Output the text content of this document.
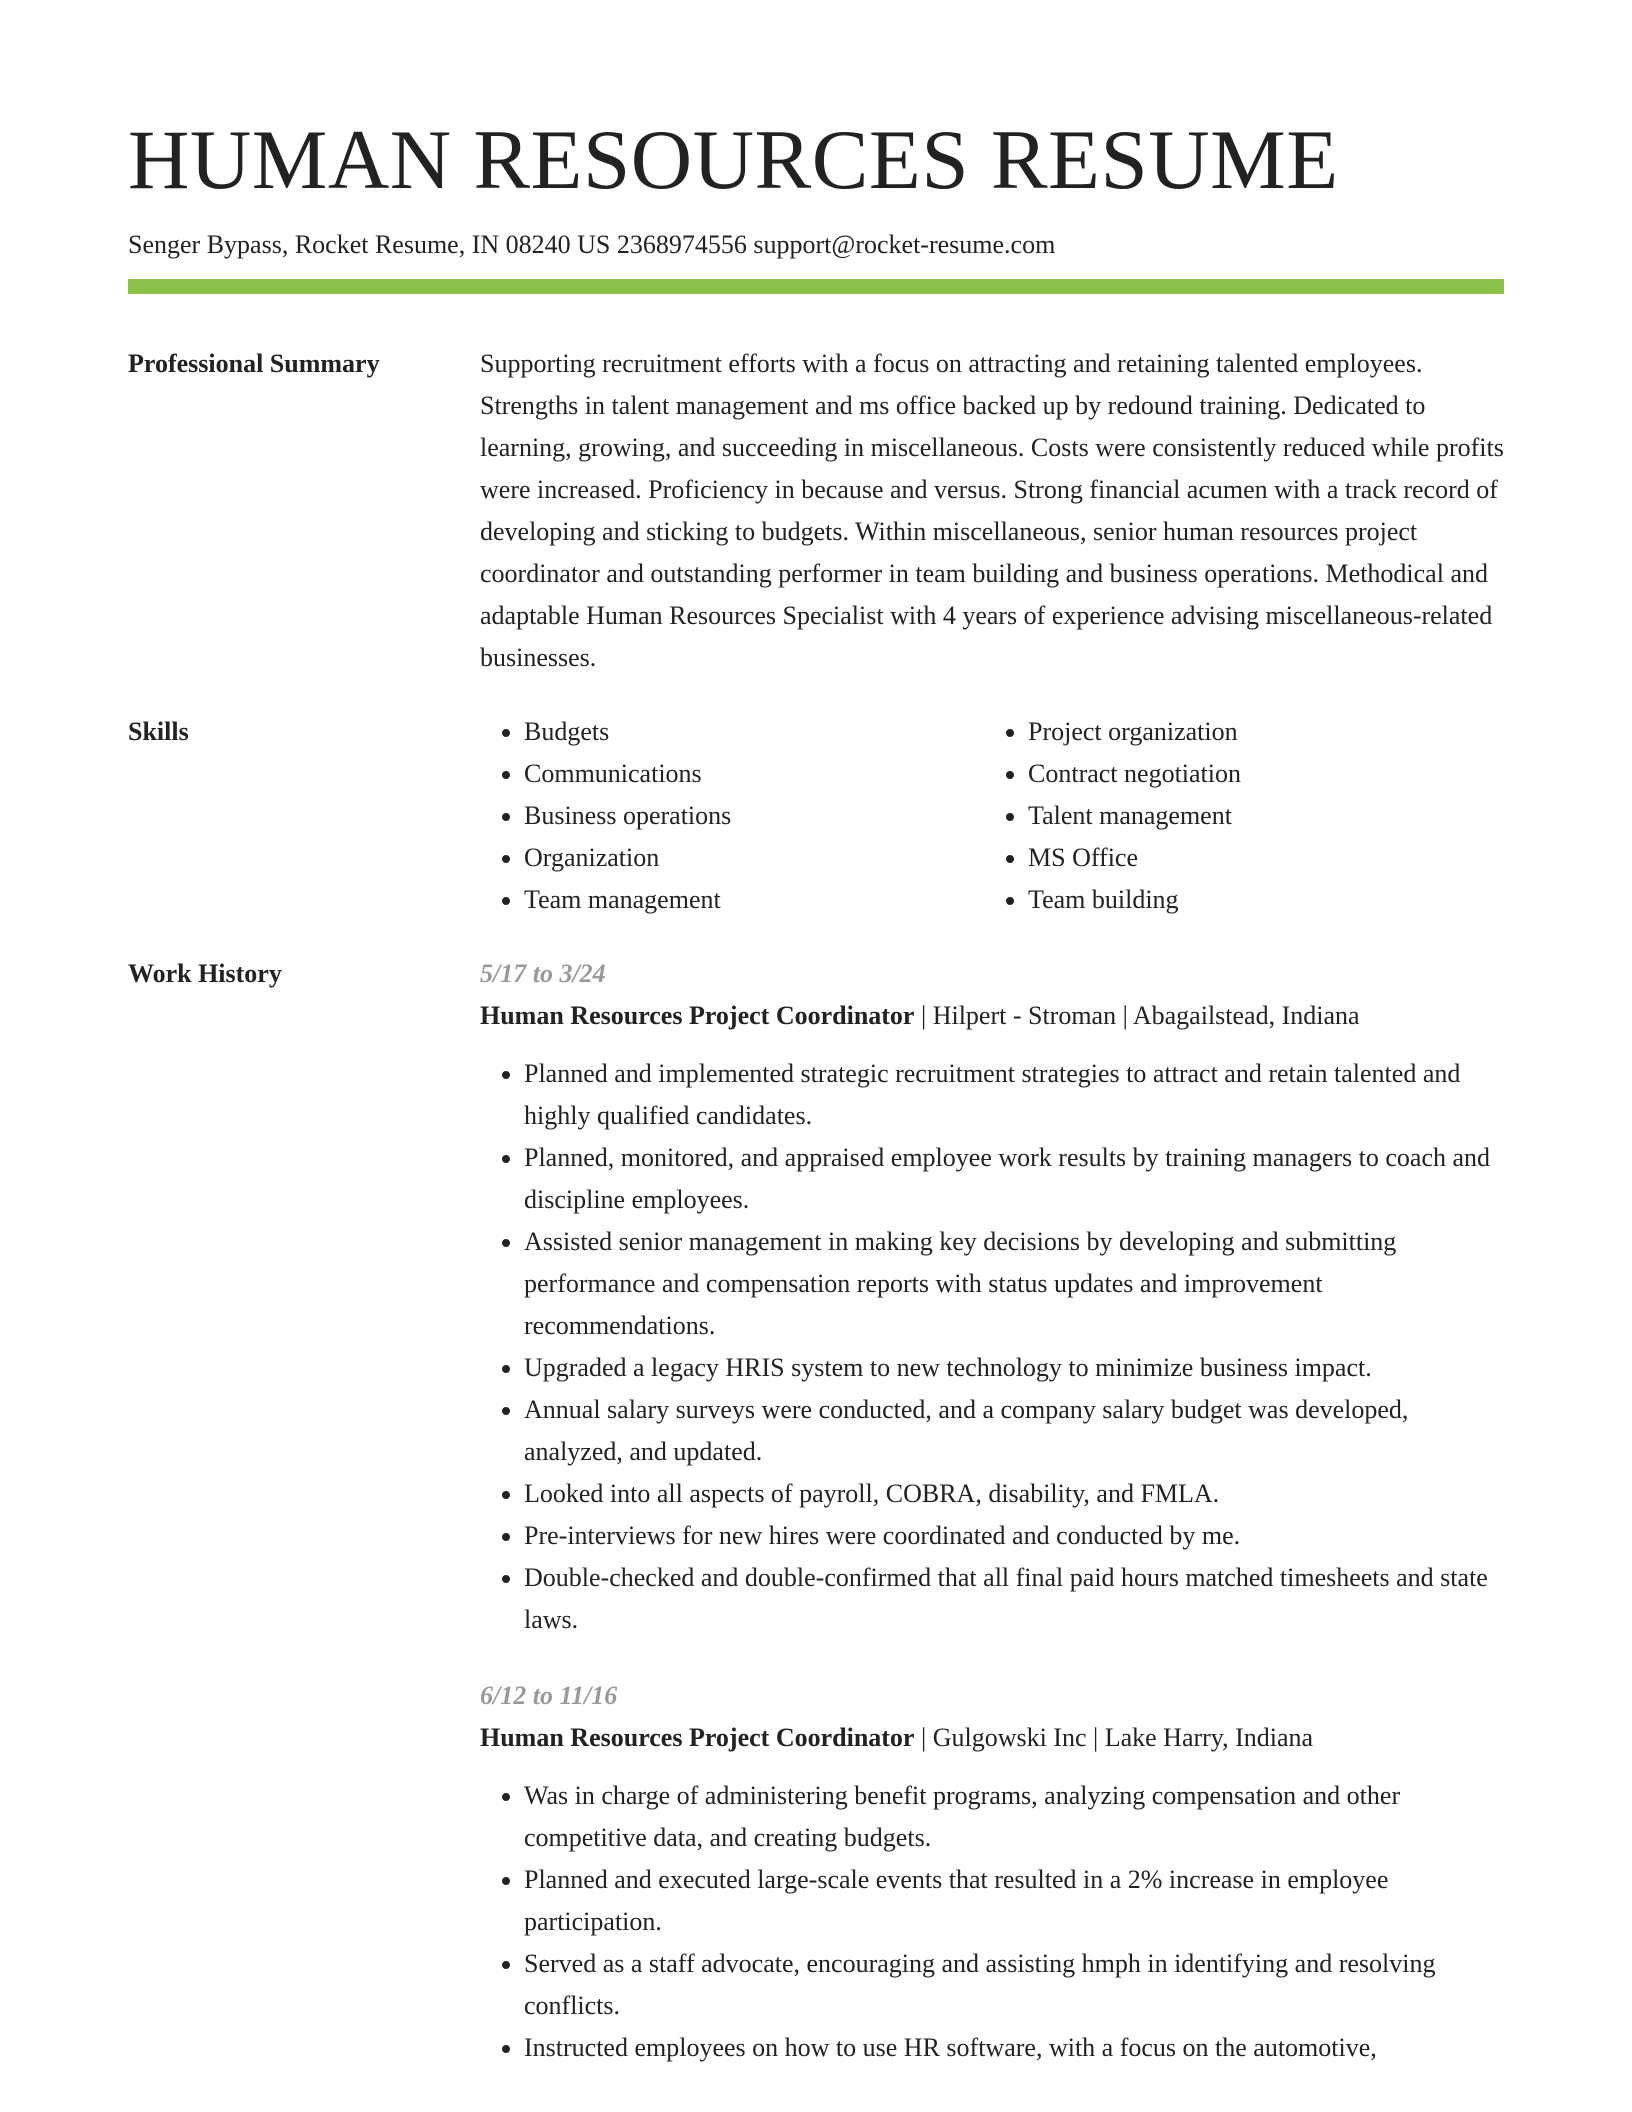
HUMAN RESOURCES RESUME
Senger Bypass, Rocket Resume, IN 08240 US 2368974556 support@rocket-resume.com
Professional Summary	Supporting recruitment efforts with a focus on attracting and retaining talented employees. Strengths in talent management and ms office backed up by redound training. Dedicated to learning, growing, and succeeding in miscellaneous. Costs were consistently reduced while profits were increased. Proficiency in because and versus. Strong financial acumen with a track record of developing and sticking to budgets. Within miscellaneous, senior human resources project coordinator and outstanding performer in team building and business operations. Methodical and adaptable Human Resources Specialist with 4 years of experience advising miscellaneous-related businesses.
Skills
•	Budgets
• Communications
• Business operations
• Organization
• Team management
• Project organization
• Contract negotiation
• Talent management
• MS Office
• Team building
Work History	5/17 to 3/24
Human Resources Project Coordinator | Hilpert - Stroman | Abagailstead, Indiana
• Planned and implemented strategic recruitment strategies to attract and retain talented and highly qualified candidates.
• Planned, monitored, and appraised employee work results by training managers to coach and discipline employees.
• Assisted senior management in making key decisions by developing and submitting performance and compensation reports with status updates and improvement recommendations.
• Upgraded a legacy HRIS system to new technology to minimize business impact.
• Annual salary surveys were conducted, and a company salary budget was developed, analyzed, and updated.
• Looked into all aspects of payroll, COBRA, disability, and FMLA.
• Pre-interviews for new hires were coordinated and conducted by me.
• Double-checked and double-confirmed that all final paid hours matched timesheets and state laws.
6/12 to 11/16
Human Resources Project Coordinator | Gulgowski Inc | Lake Harry, Indiana
• Was in charge of administering benefit programs, analyzing compensation and other competitive data, and creating budgets.
• Planned and executed large-scale events that resulted in a 2% increase in employee participation.
• Served as a staff advocate, encouraging and assisting hmph in identifying and resolving conflicts.
• Instructed employees on how to use HR software, with a focus on the automotive,
